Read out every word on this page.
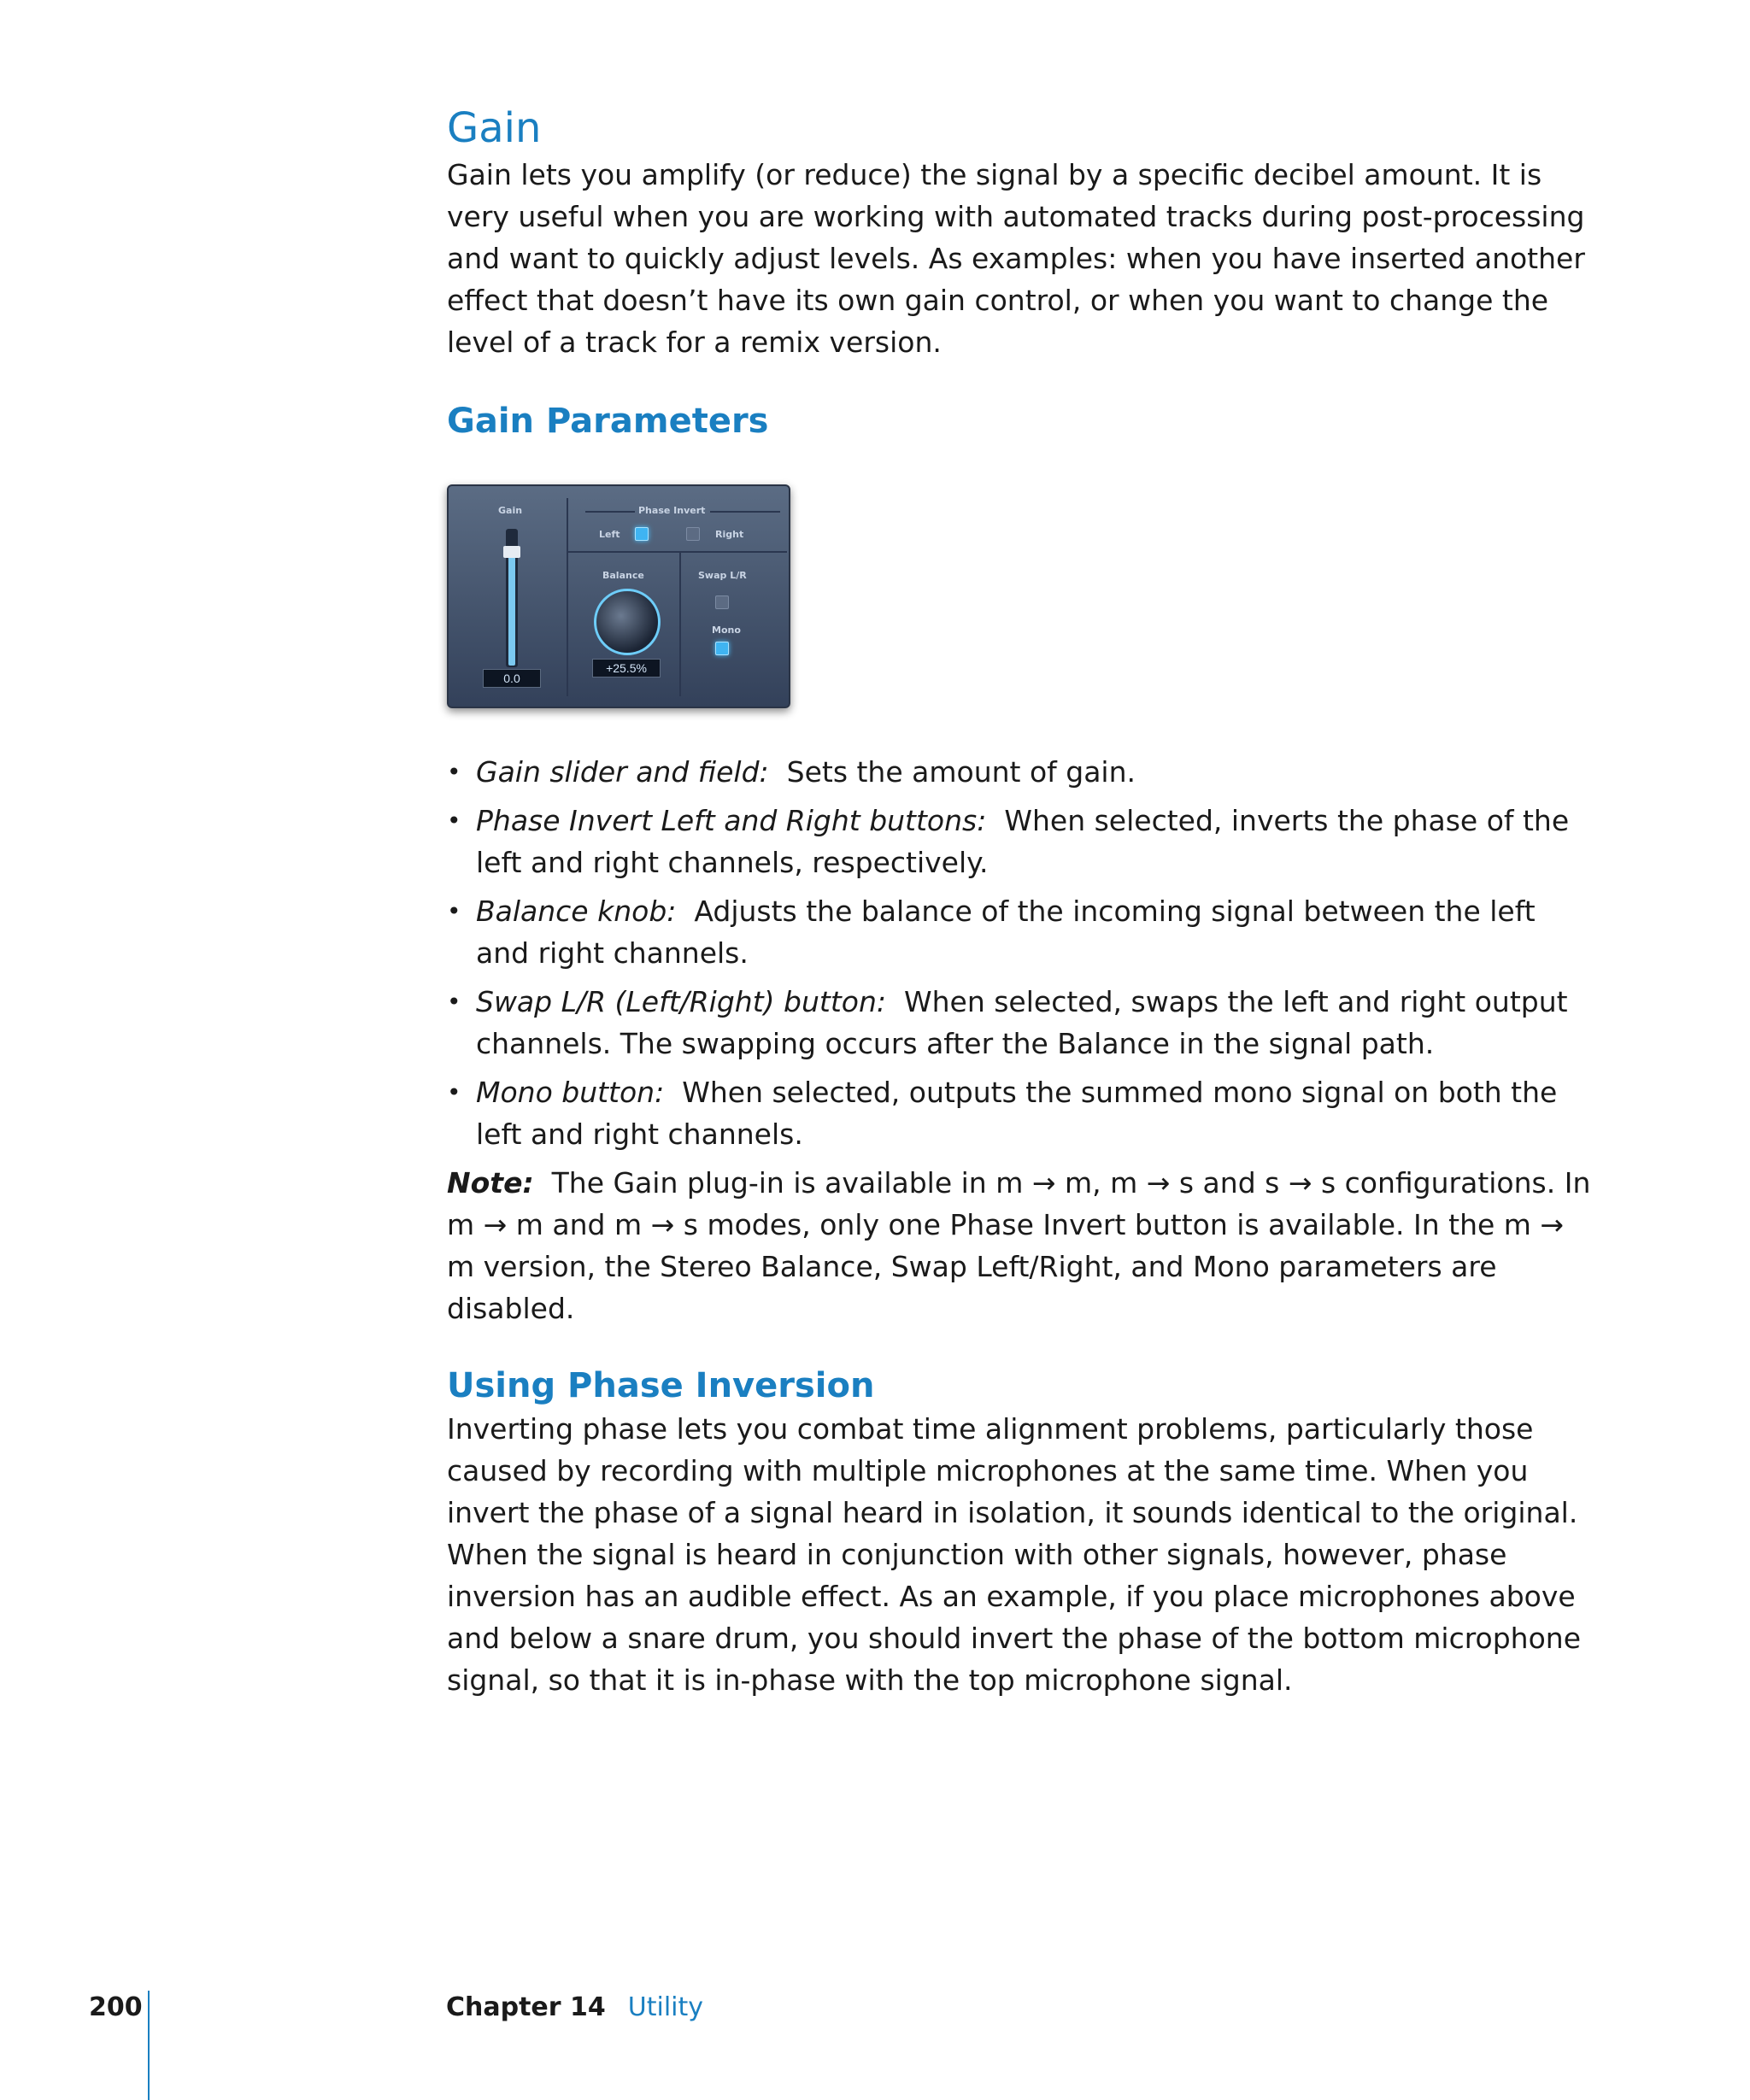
Gain

Gain lets you amplify (or reduce) the signal by a specific decibel amount. It is very useful when you are working with automated tracks during post-processing and want to quickly adjust levels. As examples: when you have inserted another effect that doesn’t have its own gain control, or when you want to change the level of a track for a remix version.

Gain Parameters
Gain	Phase Invert
Left	Right
Balance	Swap L/R
Mono
0.0
+25.5%
• Gain slider and field: Sets the amount of gain.
• Phase Invert Left and Right buttons: When selected, inverts the phase of the left and right channels, respectively.
• Balance knob: Adjusts the balance of the incoming signal between the left and right channels.
• Swap L/R (Left/Right) button: When selected, swaps the left and right output channels. The swapping occurs after the Balance in the signal path.
• Mono button: When selected, outputs the summed mono signal on both the left and right channels.

Note: The Gain plug-in is available in m → m, m → s and s → s configurations. In m → m and m → s modes, only one Phase Invert button is available. In the m → m version, the Stereo Balance, Swap Left/Right, and Mono parameters are disabled.

Using Phase Inversion

Inverting phase lets you combat time alignment problems, particularly those caused by recording with multiple microphones at the same time. When you invert the phase of a signal heard in isolation, it sounds identical to the original. When the signal is heard in conjunction with other signals, however, phase inversion has an audible effect. As an example, if you place microphones above and below a snare drum, you should invert the phase of the bottom microphone signal, so that it is in-phase with the top microphone signal.

200	Chapter 14 Utility
